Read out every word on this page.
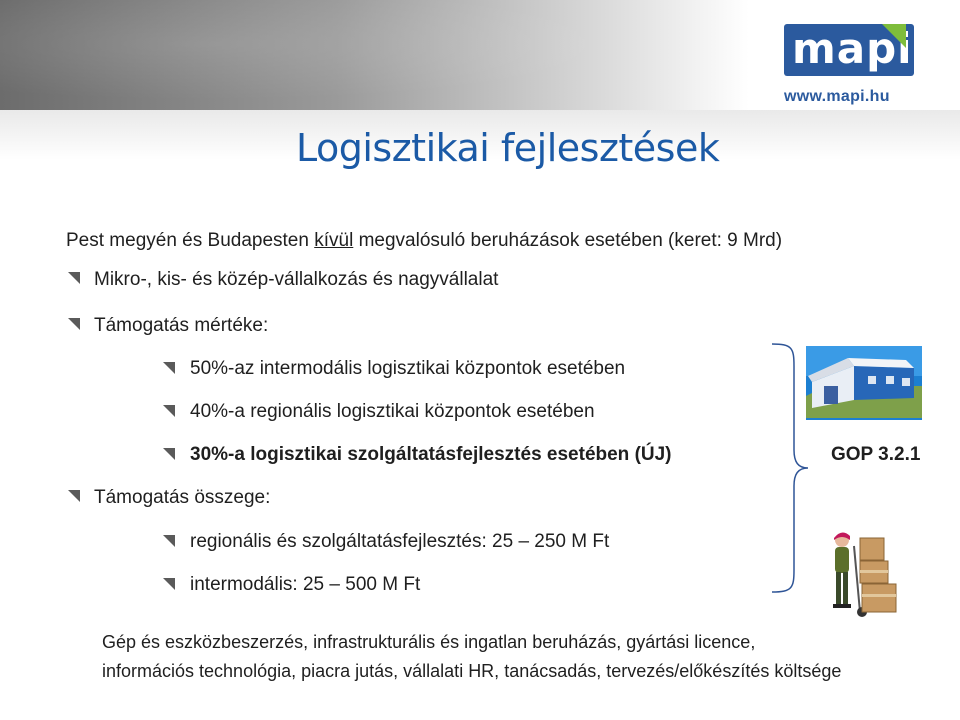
mapi
www.mapi.hu
Logisztikai fejlesztések
Pest megyén és Budapesten kívül megvalósuló beruházások esetében (keret: 9 Mrd)
Mikro-, kis- és közép-vállalkozás és nagyvállalat
Támogatás mértéke:
50%-az intermodális logisztikai központok esetében
40%-a regionális logisztikai központok esetében
30%-a logisztikai szolgáltatásfejlesztés esetében (ÚJ)
Támogatás összege:
regionális és szolgáltatásfejlesztés: 25 – 250 M Ft
intermodális: 25 – 500 M Ft
GOP 3.2.1
Gép és eszközbeszerzés, infrastrukturális és ingatlan beruházás, gyártási licence,
információs technológia, piacra jutás, vállalati HR, tanácsadás, tervezés/előkészítés költsége
